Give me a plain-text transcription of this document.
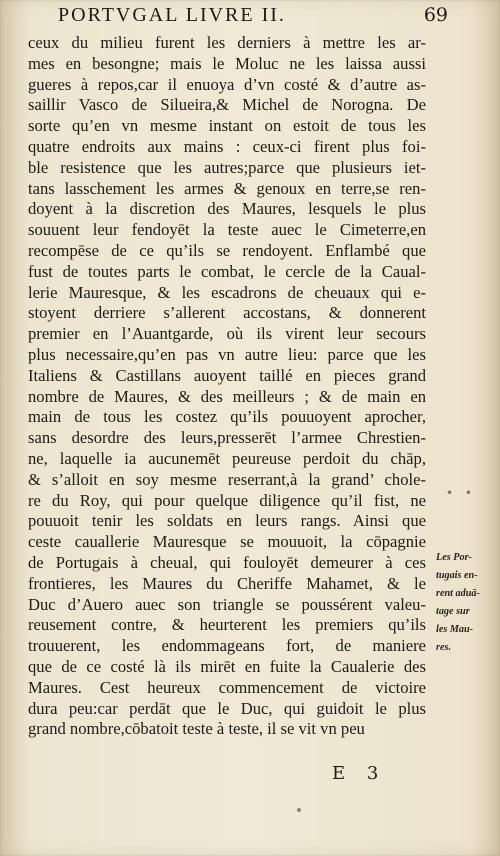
PORTVGAL LIVRE II.	69
ceux du milieu furent les derniers à mettre les ar-
mes en besongne; mais le Moluc ne les laissa aussi
gueres à repos,car il enuoya d’vn costé & d’autre as-
saillir Vasco de Silueira,& Michel de Norogna. De
sorte qu’en vn mesme instant on estoit de tous les
quatre endroits aux mains : ceux-ci firent plus foi-
ble resistence que les autres;parce que plusieurs iet-
tans lasschement les armes & genoux en terre,se ren-
doyent à la discretion des Maures, lesquels le plus
souuent leur fendoyēt la teste auec le Cimeterre,en
recompēse de ce qu’ils se rendoyent. Enflambé que
fust de toutes parts le combat, le cercle de la Caual-
lerie Mauresque, & les escadrons de cheuaux qui e-
stoyent derriere s’allerent accostans, & donnerent
premier en l’Auantgarde, où ils virent leur secours
plus necessaire,qu’en pas vn autre lieu: parce que les
Italiens & Castillans auoyent taillé en pieces grand
nombre de Maures, & des meilleurs ; & de main en
main de tous les costez qu’ils pouuoyent aprocher,
sans desordre des leurs,presserēt l’armee Chrestien-
ne, laquelle ia aucunemēt peureuse perdoit du chāp,
& s’alloit en soy mesme reserrant,à la grand’ chole-
re du Roy, qui pour quelque diligence qu’il fist, ne
pouuoit tenir les soldats en leurs rangs. Ainsi que
ceste cauallerie Mauresque se mouuoit, la cōpagnie
de Portugais à cheual, qui fouloyēt demeurer à ces
frontieres, les Maures du Cheriffe Mahamet, & le
Duc d’Auero auec son triangle se poussérent valeu-
reusement contre, & heurterent les premiers qu’ils
trouuerent, les endommageans fort, de maniere
que de ce costé là ils mirēt en fuite la Caualerie des
Maures. Cest heureux commencement de victoire
dura peu:car perdāt que le Duc, qui guidoit le plus
grand nombre,cōbatoit teste à teste, il se vit vn peu
Les Por-
tugais en-
rent aduā-
tage sur
les Mau-
res.
• •
E 3
